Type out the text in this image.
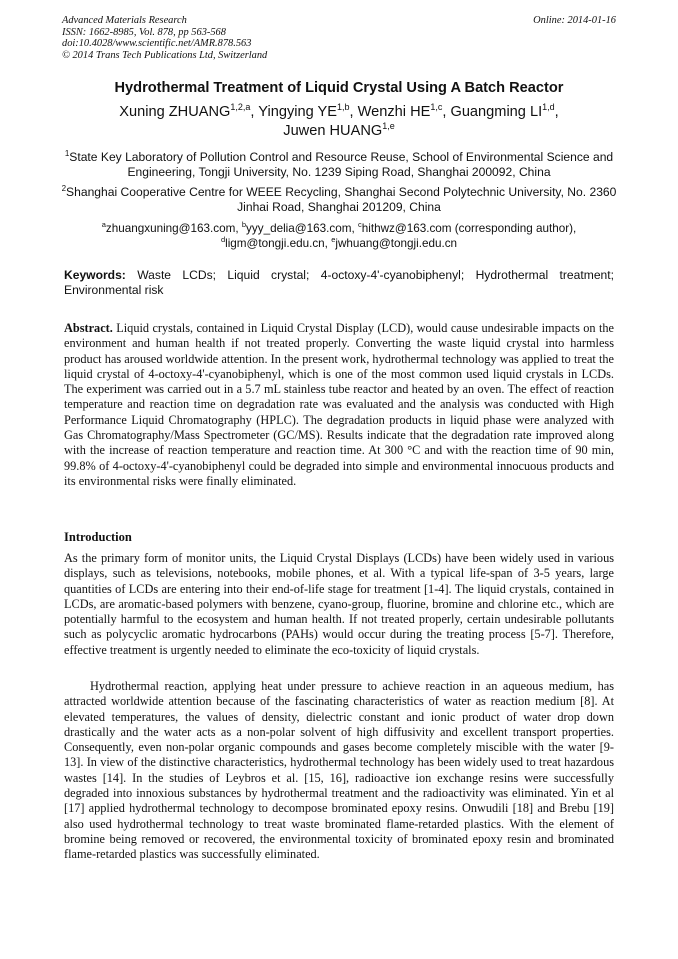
Advanced Materials Research
ISSN: 1662-8985, Vol. 878, pp 563-568
doi:10.4028/www.scientific.net/AMR.878.563
© 2014 Trans Tech Publications Ltd, Switzerland
Online: 2014-01-16
Hydrothermal Treatment of Liquid Crystal Using A Batch Reactor
Xuning ZHUANG$^{1,2,a}$, Yingying YE$^{1,b}$, Wenzhi HE$^{1,c}$, Guangming LI$^{1,d}$,
Juwen HUANG$^{1,e}$
$^1$State Key Laboratory of Pollution Control and Resource Reuse, School of Environmental Science and Engineering, Tongji University, No. 1239 Siping Road, Shanghai 200092, China
$^2$Shanghai Cooperative Centre for WEEE Recycling, Shanghai Second Polytechnic University, No. 2360 Jinhai Road, Shanghai 201209, China
$^a$zhuangxuning@163.com, $^b$yyy_delia@163.com, $^c$hithwz@163.com (corresponding author),
$^d$ligm@tongji.edu.cn, $^e$jwhuang@tongji.edu.cn
Keywords: Waste LCDs; Liquid crystal; 4-octoxy-4'-cyanobiphenyl; Hydrothermal treatment; Environmental risk
Abstract. Liquid crystals, contained in Liquid Crystal Display (LCD), would cause undesirable impacts on the environment and human health if not treated properly. Converting the waste liquid crystal into harmless product has aroused worldwide attention. In the present work, hydrothermal technology was applied to treat the liquid crystal of 4-octoxy-4'-cyanobiphenyl, which is one of the most common used liquid crystals in LCDs. The experiment was carried out in a 5.7 mL stainless tube reactor and heated by an oven. The effect of reaction temperature and reaction time on degradation rate was evaluated and the analysis was conducted with High Performance Liquid Chromatography (HPLC). The degradation products in liquid phase were analyzed with Gas Chromatography/Mass Spectrometer (GC/MS). Results indicate that the degradation rate improved along with the increase of reaction temperature and reaction time. At 300 °C and with the reaction time of 90 min, 99.8% of 4-octoxy-4'-cyanobiphenyl could be degraded into simple and environmental innocuous products and its environmental risks were finally eliminated.
Introduction
As the primary form of monitor units, the Liquid Crystal Displays (LCDs) have been widely used in various displays, such as televisions, notebooks, mobile phones, et al. With a typical life-span of 3-5 years, large quantities of LCDs are entering into their end-of-life stage for treatment [1-4]. The liquid crystals, contained in LCDs, are aromatic-based polymers with benzene, cyano-group, fluorine, bromine and chlorine etc., which are potentially harmful to the ecosystem and human health. If not treated properly, certain undesirable pollutants such as polycyclic aromatic hydrocarbons (PAHs) would occur during the treating process [5-7]. Therefore, effective treatment is urgently needed to eliminate the eco-toxicity of liquid crystals.
Hydrothermal reaction, applying heat under pressure to achieve reaction in an aqueous medium, has attracted worldwide attention because of the fascinating characteristics of water as reaction medium [8]. At elevated temperatures, the values of density, dielectric constant and ionic product of water drop down drastically and the water acts as a non-polar solvent of high diffusivity and excellent transport properties. Consequently, even non-polar organic compounds and gases become completely miscible with the water [9-13]. In view of the distinctive characteristics, hydrothermal technology has been widely used to treat hazardous wastes [14]. In the studies of Leybros et al. [15, 16], radioactive ion exchange resins were successfully degraded into innoxious substances by hydrothermal treatment and the radioactivity was eliminated. Yin et al [17] applied hydrothermal technology to decompose brominated epoxy resins. Onwudili [18] and Brebu [19] also used hydrothermal technology to treat waste brominated flame-retarded plastics. With the element of bromine being removed or recovered, the environmental toxicity of brominated epoxy resin and brominated flame-retarded plastics was successfully eliminated.
